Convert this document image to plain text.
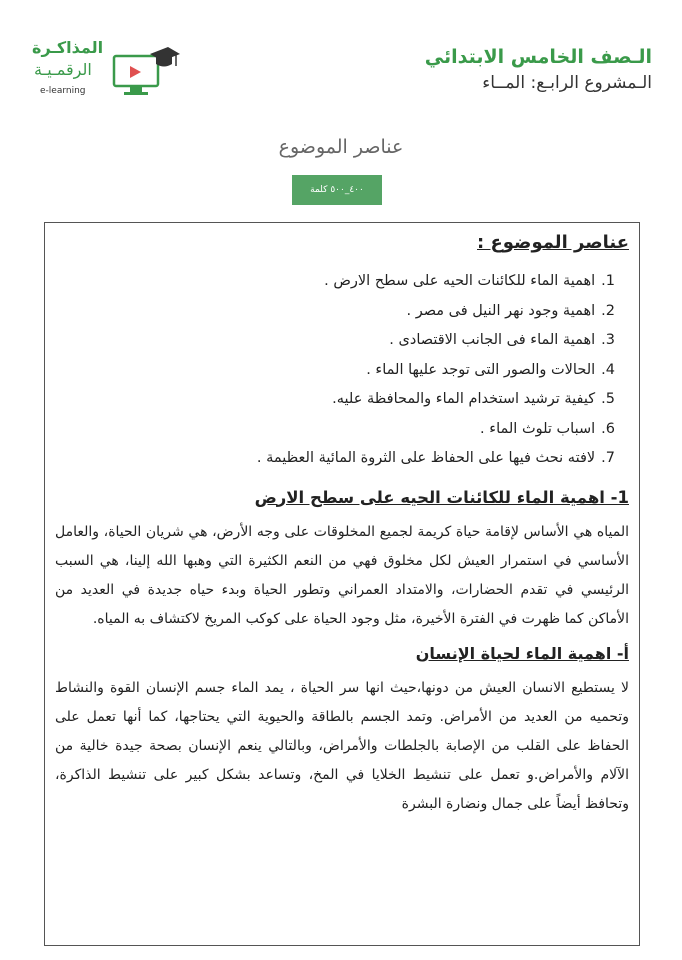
الـصف الخامس الابتدائي
الـمشروع الرابـع: المــاء
المذاكـرة
الرقمـيـة
e-learning
عناصر الموضوع
٤٠٠_٥٠٠ كلمة
عناصر الموضوع :
1.اهمية الماء للكائنات الحيه على سطح الارض .
2.اهمية وجود نهر النيل فى مصر .
3.اهمية الماء فى الجانب الاقتصادى .
4.الحالات والصور التى توجد عليها الماء .
5.كيفية ترشيد استخدام الماء والمحافظة عليه.
6.اسباب تلوث الماء .
7.لافته نحث فيها على الحفاظ على الثروة المائية العظيمة .
1- اهمية الماء للكائنات الحيه على سطح الارض

المياه هي الأساس لإقامة حياة كريمة لجميع المخلوقات على وجه الأرض، هي شريان الحياة، والعامل الأساسي في استمرار العيش لكل مخلوق فهي من النعم الكثيرة التي وهبها الله إلينا، هي السبب الرئيسي في تقدم الحضارات، والامتداد العمراني وتطور الحياة وبدء حياه جديدة في العديد من الأماكن كما ظهرت في الفترة الأخيرة، مثل وجود الحياة على كوكب المريخ لاكتشاف به المياه.

أ- اهمية الماء لحياة الإنسان

لا يستطيع الانسان العيش من دونها،حيث انها سر الحياة ، يمد الماء جسم الإنسان القوة والنشاط وتحميه من العديد من الأمراض. وتمد الجسم بالطاقة والحيوية التي يحتاجها، كما أنها تعمل على الحفاظ على القلب من الإصابة بالجلطات والأمراض، وبالتالي ينعم الإنسان بصحة جيدة خالية من الآلام والأمراض.و تعمل على تنشيط الخلايا في المخ، وتساعد بشكل كبير على تنشيط الذاكرة، وتحافظ أيضاً على جمال ونضارة البشرة
